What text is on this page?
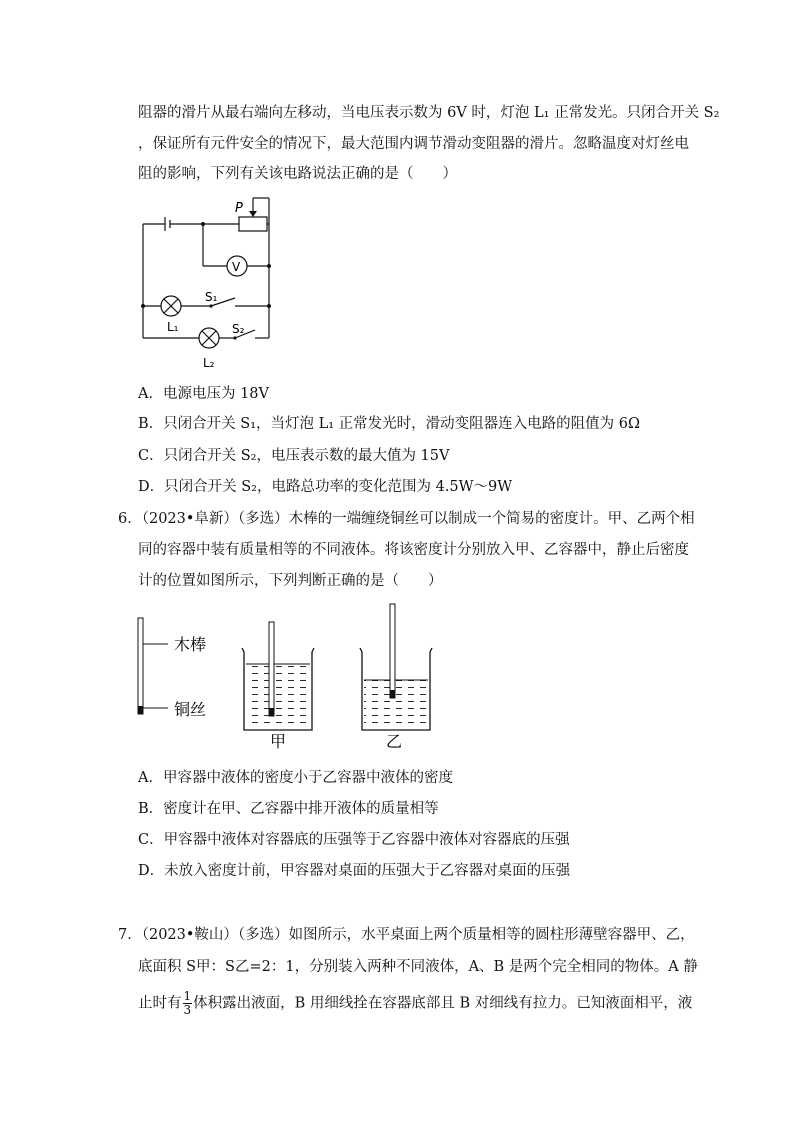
阻器的滑片从最右端向左移动，当电压表示数为 6V 时，灯泡 L₁ 正常发光。只闭合开关 S₂
，保证所有元件安全的情况下，最大范围内调节滑动变阻器的滑片。忽略温度对灯丝电
阻的影响，下列有关该电路说法正确的是（　　）
P
V
S₁
S₂
L₁
L₂
A．电源电压为 18V
B．只闭合开关 S₁，当灯泡 L₁ 正常发光时，滑动变阻器连入电路的阻值为 6Ω
C．只闭合开关 S₂，电压表示数的最大值为 15V
D．只闭合开关 S₂，电路总功率的变化范围为 4.5W～9W
6．（2023•阜新）（多选）木棒的一端缠绕铜丝可以制成一个简易的密度计。甲、乙两个相
同的容器中装有质量相等的不同液体。将该密度计分别放入甲、乙容器中，静止后密度
计的位置如图所示，下列判断正确的是（　　）
木棒
铜丝
甲	乙
A．甲容器中液体的密度小于乙容器中液体的密度
B．密度计在甲、乙容器中排开液体的质量相等
C．甲容器中液体对容器底的压强等于乙容器中液体对容器底的压强
D．未放入密度计前，甲容器对桌面的压强大于乙容器对桌面的压强
7．（2023•鞍山）（多选）如图所示，水平桌面上两个质量相等的圆柱形薄壁容器甲、乙，
底面积 S甲：S乙=2：1，分别装入两种不同液体，A、B 是两个完全相同的物体。A 静
止时有 $\frac{1}{3}$ 体积露出液面，B 用细线拴在容器底部且 B 对细线有拉力。已知液面相平，液
